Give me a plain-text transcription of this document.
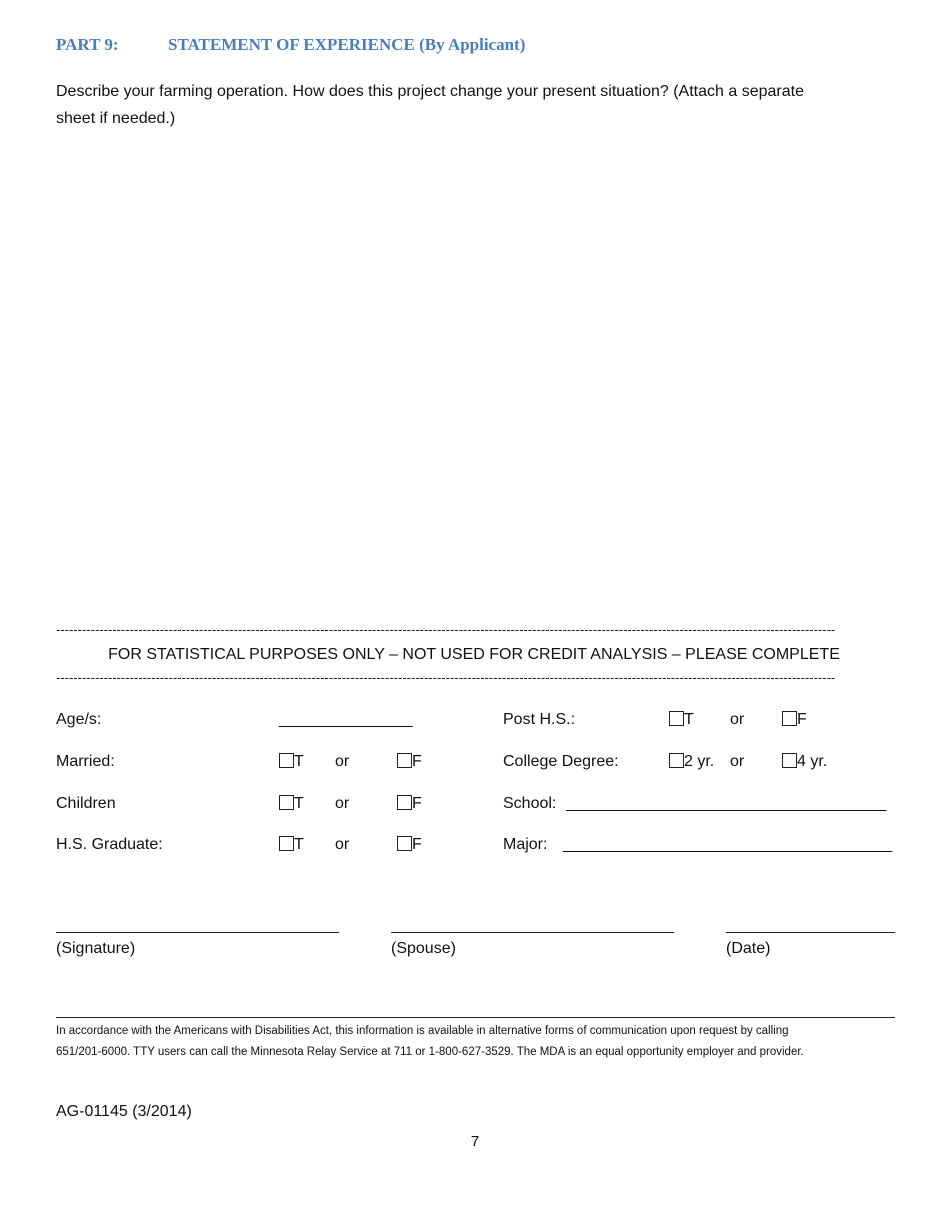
PART 9:	STATEMENT OF EXPERIENCE (By Applicant)
Describe your farming operation. How does this project change your present situation? (Attach a separate
sheet if needed.)
------------------------------------------------------------------------------------------------------------------------------------------------------------------------------------
FOR STATISTICAL PURPOSES ONLY – NOT USED FOR CREDIT ANALYSIS – PLEASE COMPLETE
------------------------------------------------------------------------------------------------------------------------------------------------------------------------------------
Age/s:	_______________	Post H.S.:	T or	F
Married:	T or	F	College Degree:	2 yr. or	4 yr.
Children	T or	F	School: ____________________________________
H.S. Graduate:	T or	F	Major: _____________________________________
(Signature)	(Spouse)	(Date)
In accordance with the Americans with Disabilities Act, this information is available in alternative forms of communication upon request by calling
651/201-6000. TTY users can call the Minnesota Relay Service at 711 or 1-800-627-3529. The MDA is an equal opportunity employer and provider.
AG-01145 (3/2014)
7
